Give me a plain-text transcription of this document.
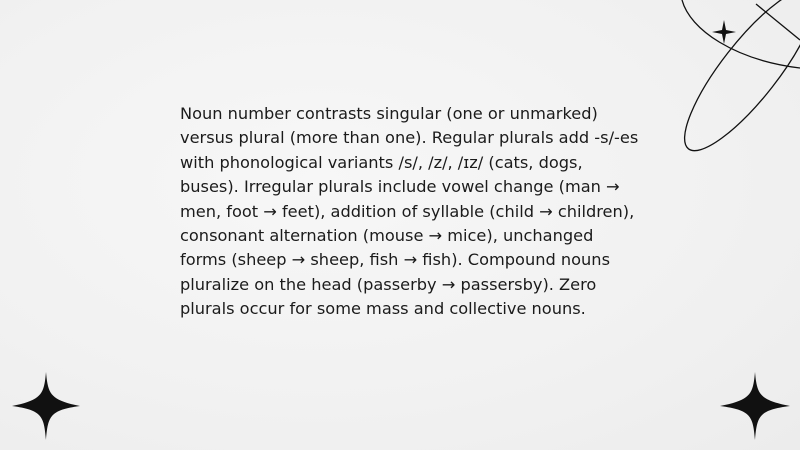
Noun number contrasts singular (one or unmarked) versus plural (more than one). Regular plurals add -s/-es with phonological variants /s/, /z/, /ɪz/ (cats, dogs, buses). Irregular plurals include vowel change (man → men, foot → feet), addition of syllable (child → children), consonant alternation (mouse → mice), unchanged forms (sheep → sheep, fish → fish). Compound nouns pluralize on the head (passerby → passersby). Zero plurals occur for some mass and collective nouns.
